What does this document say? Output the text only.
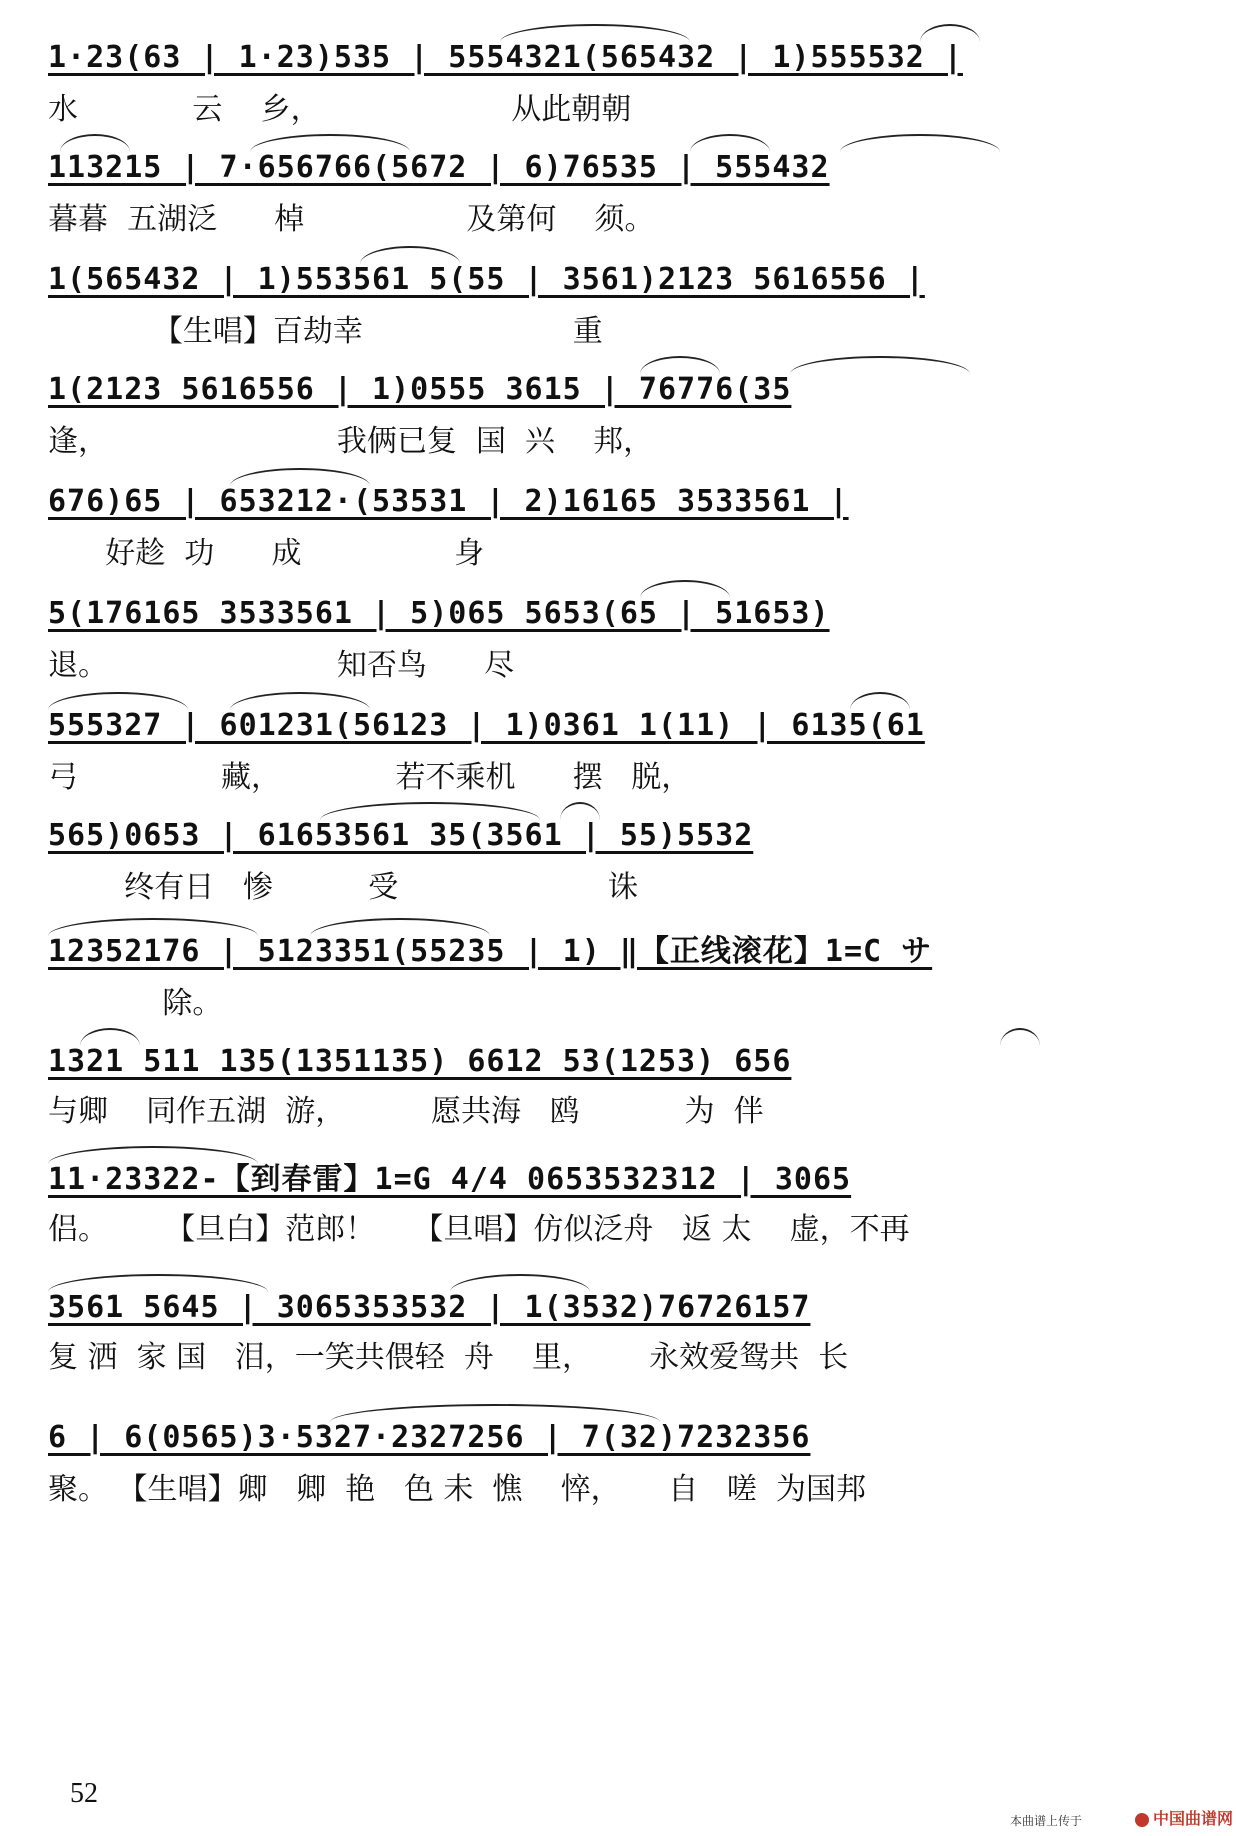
1·23(63 | 1·23)535 | 5554321(565432 | 1)555532 |
水            云    乡，                    从此朝朝
113215 | 7·656766(5672 | 6)76535 | 555432
暮暮  五湖泛      棹                 及第何    须。
1(565432 | 1)553561 5(55 | 3561)2123 5616556 |
【生唱】百劫幸                      重
1(2123 5616556 | 1)0555 3615 | 76776(35
逢，                        我俩已复  国  兴    邦，
676)65 | 653212·(53531 | 2)16165 3533561 |
好趁  功      成                身
5(176165 3533561 | 5)065 5653(65 | 51653)
退。                        知否鸟      尽
555327 | 601231(56123 | 1)0361 1(11) | 6135(61
弓               藏，            若不乘机      摆   脱，
565)0653 | 61653561 35(3561 | 55)5532
终有日   惨          受                      诛
12352176 | 5123351(55235 | 1) ‖【正线滚花】1=C サ
除。
1321 511 135(1351135) 6612 53(1253) 656
与卿    同作五湖  游，         愿共海   鸥           为  伴
11·23322-【到春雷】1=G 4/4 0653532312 | 3065
侣。      【旦白】范郎！    【旦唱】仿似泛舟   返 太    虚，不再
3561 5645 | 3065353532 | 1(3532)76726157
复 洒  家 国   泪，一笑共偎轻  舟    里，      永效爱鸳共  长
6 | 6(0565)3·5327·2327256 | 7(32)7232356
聚。 【生唱】卿   卿  艳   色 未  憔    悴，     自   嗟  为国邦
52
本曲谱上传于	中国曲谱网
